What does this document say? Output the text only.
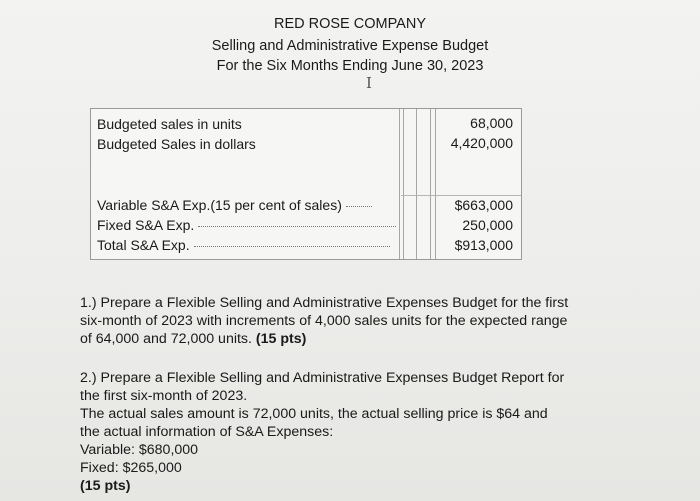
RED ROSE COMPANY
Selling and Administrative Expense Budget
For the Six Months Ending June 30, 2023
I
Budgeted sales in units	68,000
Budgeted Sales in dollars	4,420,000
Variable S&A Exp.(15 per cent of sales)	$663,000
Fixed S&A Exp.	250,000
Total S&A Exp.	$913,000
1.) Prepare a Flexible Selling and Administrative Expenses Budget for the first
six-month of 2023 with increments of 4,000 sales units for the expected range
of 64,000 and 72,000 units. (15 pts)
2.) Prepare a Flexible Selling and Administrative Expenses Budget Report for
the first six-month of 2023.
The actual sales amount is 72,000 units, the actual selling price is $64 and
the actual information of S&A Expenses:
Variable: $680,000
Fixed: $265,000
(15 pts)
